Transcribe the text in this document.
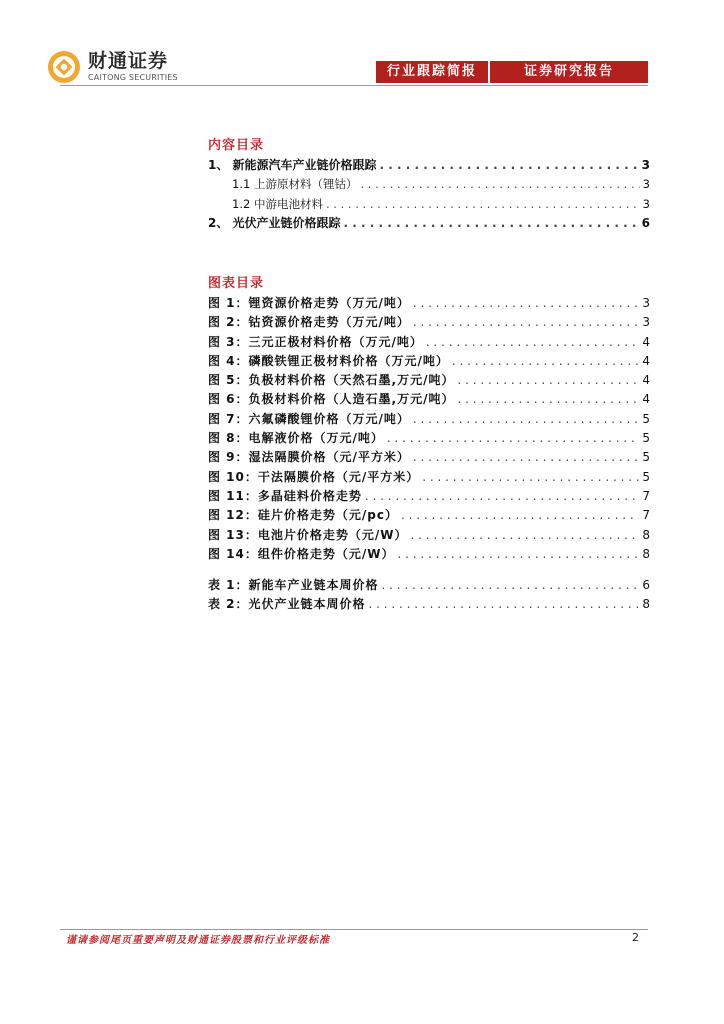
财通证券
CAITONG SECURITIES	行业跟踪简报	证券研究报告
内容目录
1、 新能源汽车产业链价格跟踪 . . .	3
1.1 上游原材料（锂钴） . . .	3
1.2 中游电池材料 . . .	3
2、 光伏产业链价格跟踪 . . .	6
图表目录
图 1：锂资源价格走势（万元/吨） . . .	3
图 2：钴资源价格走势（万元/吨） . . .	3
图 3：三元正极材料价格（万元/吨） . . .	4
图 4：磷酸铁锂正极材料价格（万元/吨） . . .	4
图 5：负极材料价格（天然石墨,万元/吨） . . .	4
图 6：负极材料价格（人造石墨,万元/吨） . . .	4
图 7：六氟磷酸锂价格（万元/吨） . . .	5
图 8：电解液价格（万元/吨） . . .	5
图 9：湿法隔膜价格（元/平方米） . . .	5
图 10：干法隔膜价格（元/平方米） . . .	5
图 11：多晶硅料价格走势 . . .	7
图 12：硅片价格走势（元/pc） . . .	7
图 13：电池片价格走势（元/W） . . .	8
图 14：组件价格走势（元/W） . . .	8
表 1：新能车产业链本周价格 . . .	6
表 2：光伏产业链本周价格 . . .	8
谨请参阅尾页重要声明及财通证券股票和行业评级标准	2
